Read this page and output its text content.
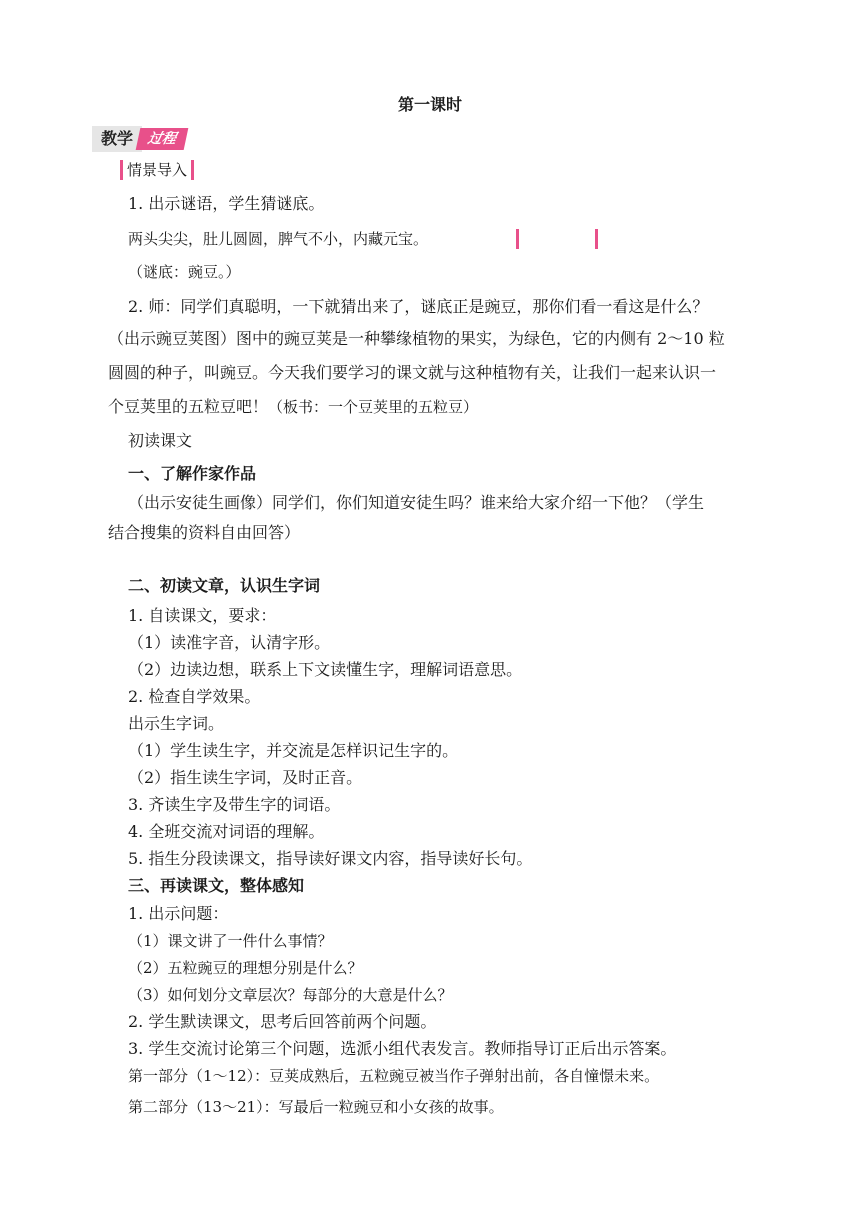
第一课时
教学 过程
情景导入
1. 出示谜语，学生猜谜底。
两头尖尖，肚儿圆圆，脾气不小，内藏元宝。
（谜底：豌豆。）
2. 师：同学们真聪明，一下就猜出来了，谜底正是豌豆，那你们看一看这是什么？
（出示豌豆荚图）图中的豌豆荚是一种攀缘植物的果实，为绿色，它的内侧有 2～10 粒
圆圆的种子，叫豌豆。今天我们要学习的课文就与这种植物有关，让我们一起来认识一
个豆荚里的五粒豆吧！（板书：一个豆荚里的五粒豆）
初读课文
一、了解作家作品
（出示安徒生画像）同学们，你们知道安徒生吗？谁来给大家介绍一下他？（学生
结合搜集的资料自由回答）
二、初读文章，认识生字词
1. 自读课文，要求：
（1）读准字音，认清字形。
（2）边读边想，联系上下文读懂生字，理解词语意思。
2. 检查自学效果。
出示生字词。
（1）学生读生字，并交流是怎样识记生字的。
（2）指生读生字词，及时正音。
3. 齐读生字及带生字的词语。
4. 全班交流对词语的理解。
5. 指生分段读课文，指导读好课文内容，指导读好长句。
三、再读课文，整体感知
1. 出示问题：
（1）课文讲了一件什么事情？
（2）五粒豌豆的理想分别是什么？
（3）如何划分文章层次？每部分的大意是什么？
2. 学生默读课文，思考后回答前两个问题。
3. 学生交流讨论第三个问题，选派小组代表发言。教师指导订正后出示答案。
第一部分（1～12）：豆荚成熟后，五粒豌豆被当作子弹射出前，各自憧憬未来。
第二部分（13～21）：写最后一粒豌豆和小女孩的故事。
